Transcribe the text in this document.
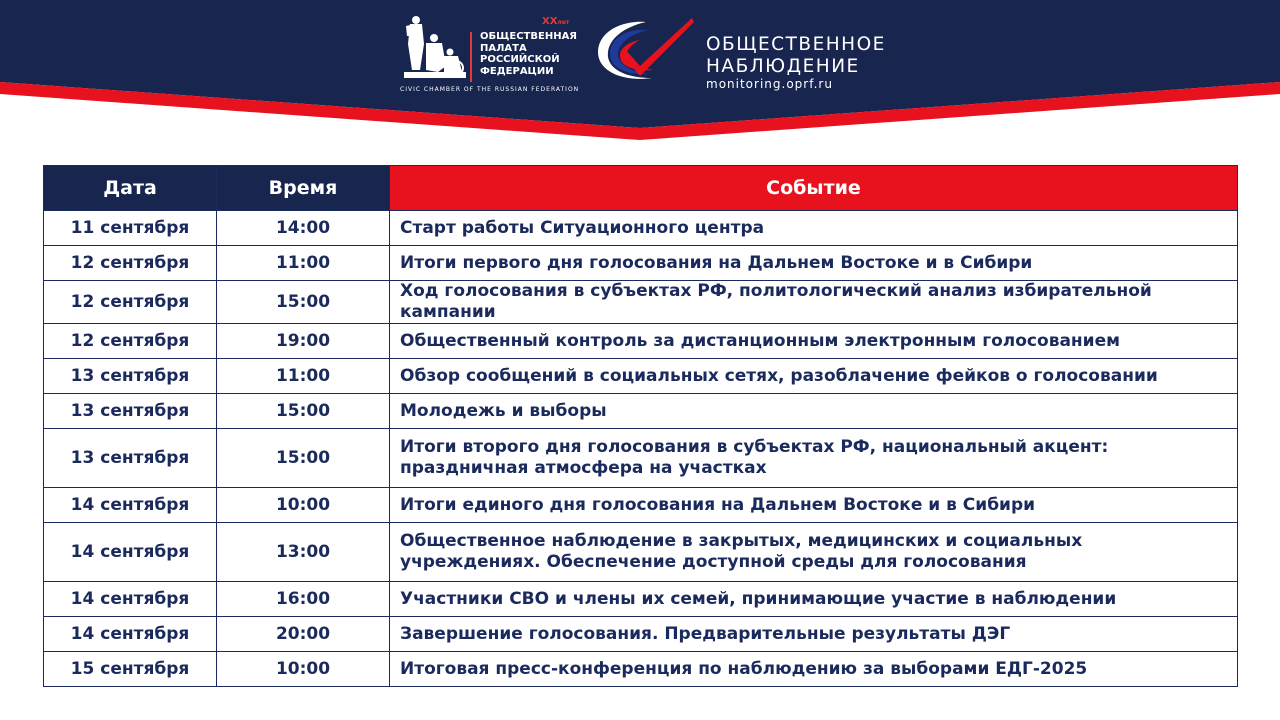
XXлет
ОБЩЕСТВЕННАЯ
ПАЛАТА
РОССИЙСКОЙ
ФЕДЕРАЦИИ
CIVIC CHAMBER OF THE RUSSIAN FEDERATION
ОБЩЕСТВЕННОЕ
НАБЛЮДЕНИЕ
monitoring.oprf.ru
Дата	Время	Событие
11 сентября	14:00	Старт работы Ситуационного центра
12 сентября	11:00	Итоги первого дня голосования на Дальнем Востоке и в Сибири
12 сентября	15:00	Ход голосования в субъектах РФ, политологический анализ избирательной кампании
12 сентября	19:00	Общественный контроль за дистанционным электронным голосованием
13 сентября	11:00	Обзор сообщений в социальных сетях, разоблачение фейков о голосовании
13 сентября	15:00	Молодежь и выборы
13 сентября	15:00	Итоги второго дня голосования в субъектах РФ, национальный акцент: праздничная атмосфера на участках
14 сентября	10:00	Итоги единого дня голосования на Дальнем Востоке и в Сибири
14 сентября	13:00	Общественное наблюдение в закрытых, медицинских и социальных учреждениях. Обеспечение доступной среды для голосования
14 сентября	16:00	Участники СВО и члены их семей, принимающие участие в наблюдении
14 сентября	20:00	Завершение голосования. Предварительные результаты ДЭГ
15 сентября	10:00	Итоговая пресс-конференция по наблюдению за выборами ЕДГ-2025
